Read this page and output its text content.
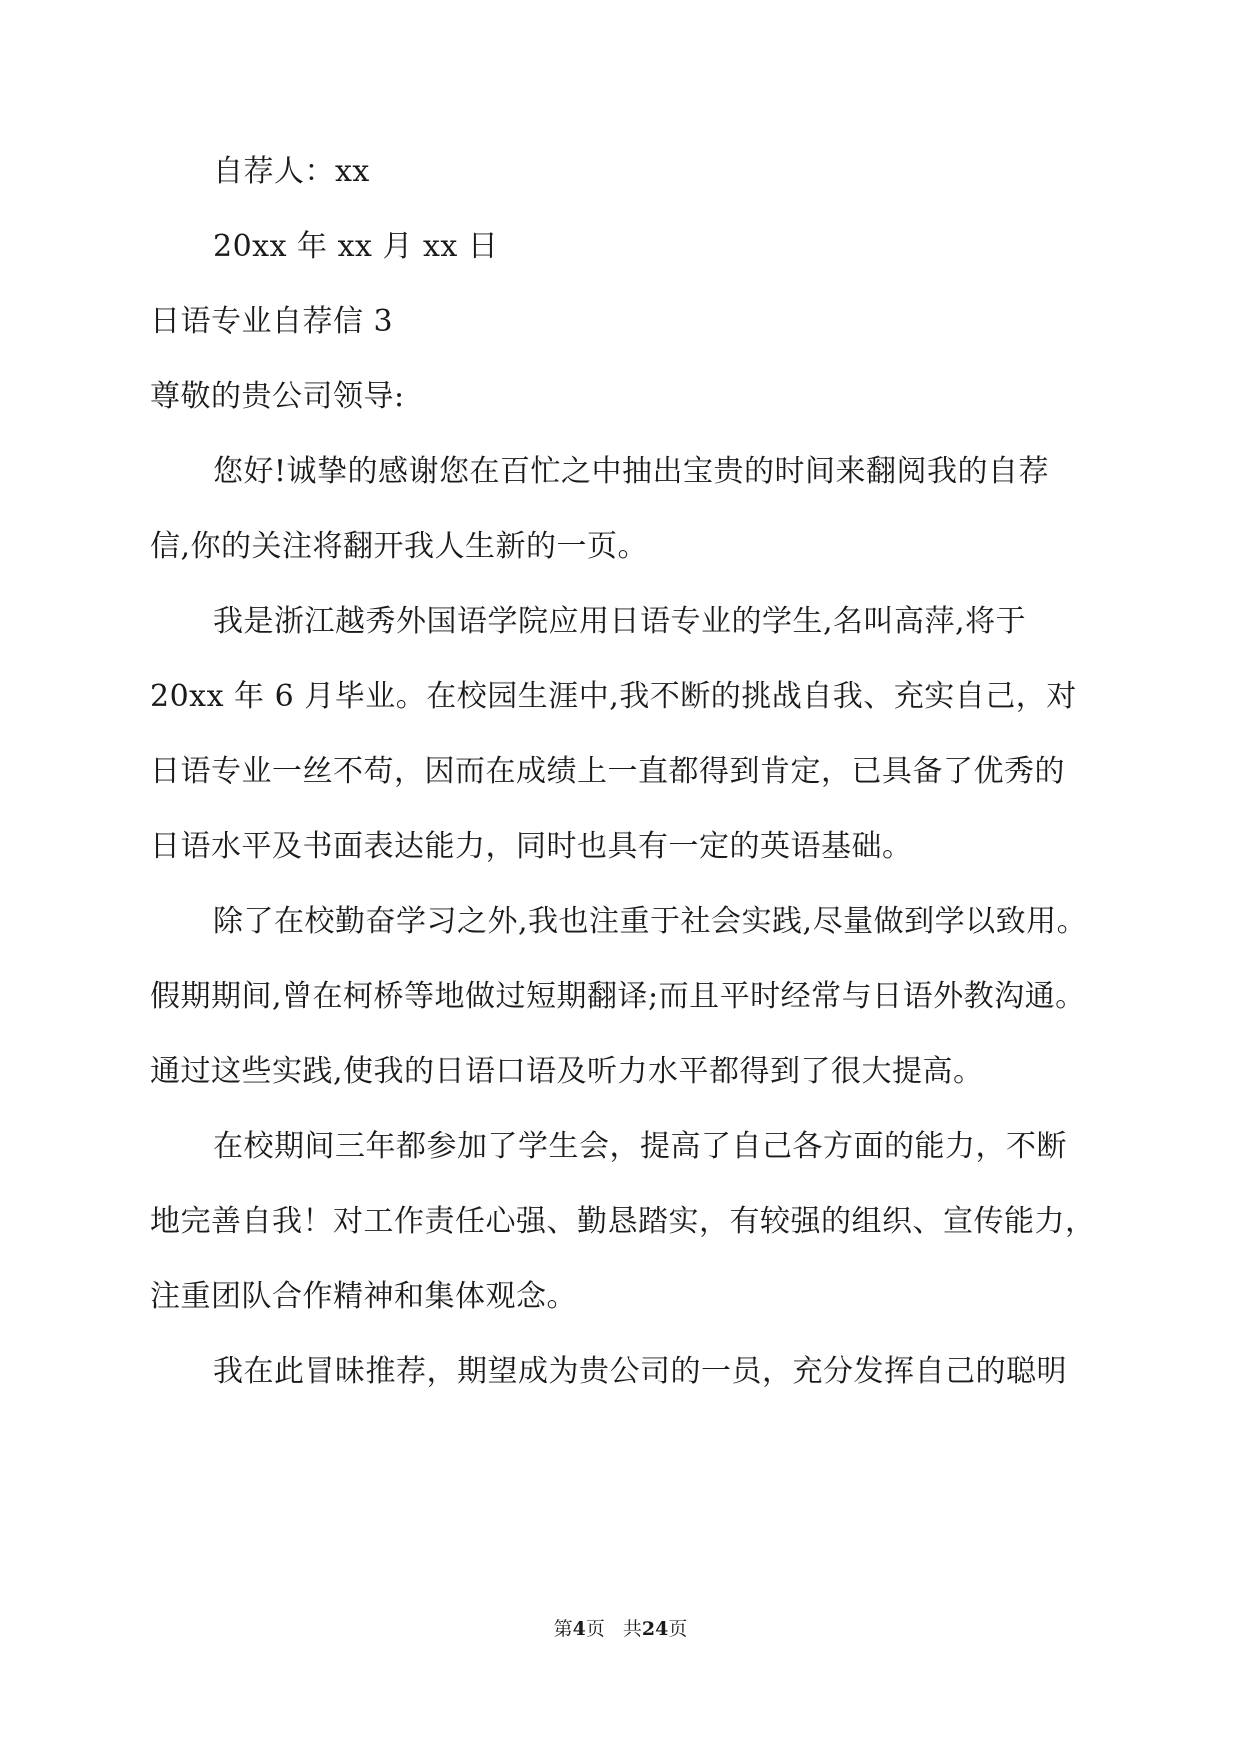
自荐人：xx
20xx 年 xx 月 xx 日
日语专业自荐信 3
尊敬的贵公司领导:
您好!诚挚的感谢您在百忙之中抽出宝贵的时间来翻阅我的自荐
信,你的关注将翻开我人生新的一页。
我是浙江越秀外国语学院应用日语专业的学生,名叫高萍,将于
20xx 年 6 月毕业。在校园生涯中,我不断的挑战自我、充实自己，对
日语专业一丝不苟，因而在成绩上一直都得到肯定，已具备了优秀的
日语水平及书面表达能力，同时也具有一定的英语基础。
除了在校勤奋学习之外,我也注重于社会实践,尽量做到学以致用。
假期期间,曾在柯桥等地做过短期翻译;而且平时经常与日语外教沟通。
通过这些实践,使我的日语口语及听力水平都得到了很大提高。
在校期间三年都参加了学生会，提高了自己各方面的能力，不断
地完善自我！对工作责任心强、勤恳踏实，有较强的组织、宣传能力，
注重团队合作精神和集体观念。
我在此冒昧推荐，期望成为贵公司的一员，充分发挥自己的聪明
第4页 共24页
